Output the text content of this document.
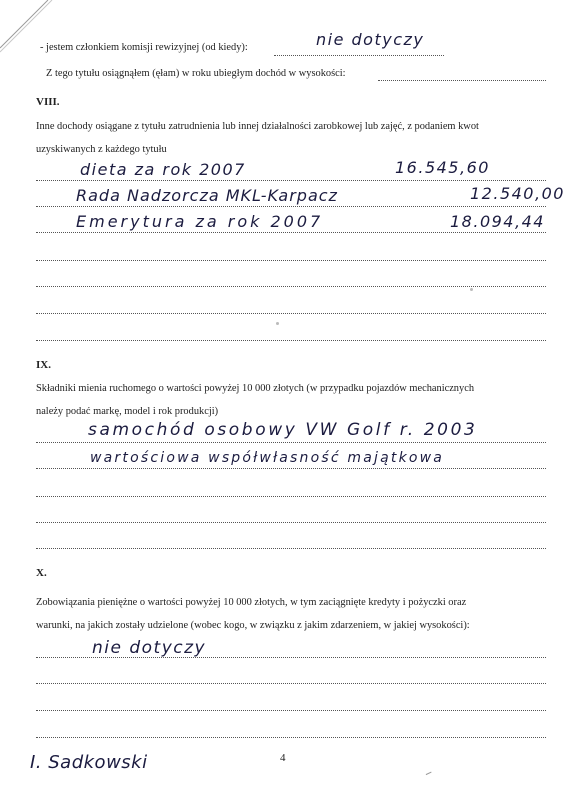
- jestem członkiem komisji rewizyjnej (od kiedy):	nie dotyczy
Z tego tytułu osiągnąłem (ęłam) w roku ubiegłym dochód w wysokości:
VIII.
Inne dochody osiągane z tytułu zatrudnienia lub innej działalności zarobkowej lub zajęć, z podaniem kwot
uzyskiwanych z każdego tytułu
dieta za rok 2007	16.545,60
Rada Nadzorcza MKL-Karpacz	12.540,00
Emerytura za rok 2007	18.094,44
IX.
Składniki mienia ruchomego o wartości powyżej 10 000 złotych (w przypadku pojazdów mechanicznych
należy podać markę, model i rok produkcji)
samochód osobowy VW Golf r. 2003
wartościowa współwłasność majątkowa
X.
Zobowiązania pieniężne o wartości powyżej 10 000 złotych, w tym zaciągnięte kredyty i pożyczki oraz
warunki, na jakich zostały udzielone (wobec kogo, w związku z jakim zdarzeniem, w jakiej wysokości):
nie dotyczy
I. Sadkowski	4
